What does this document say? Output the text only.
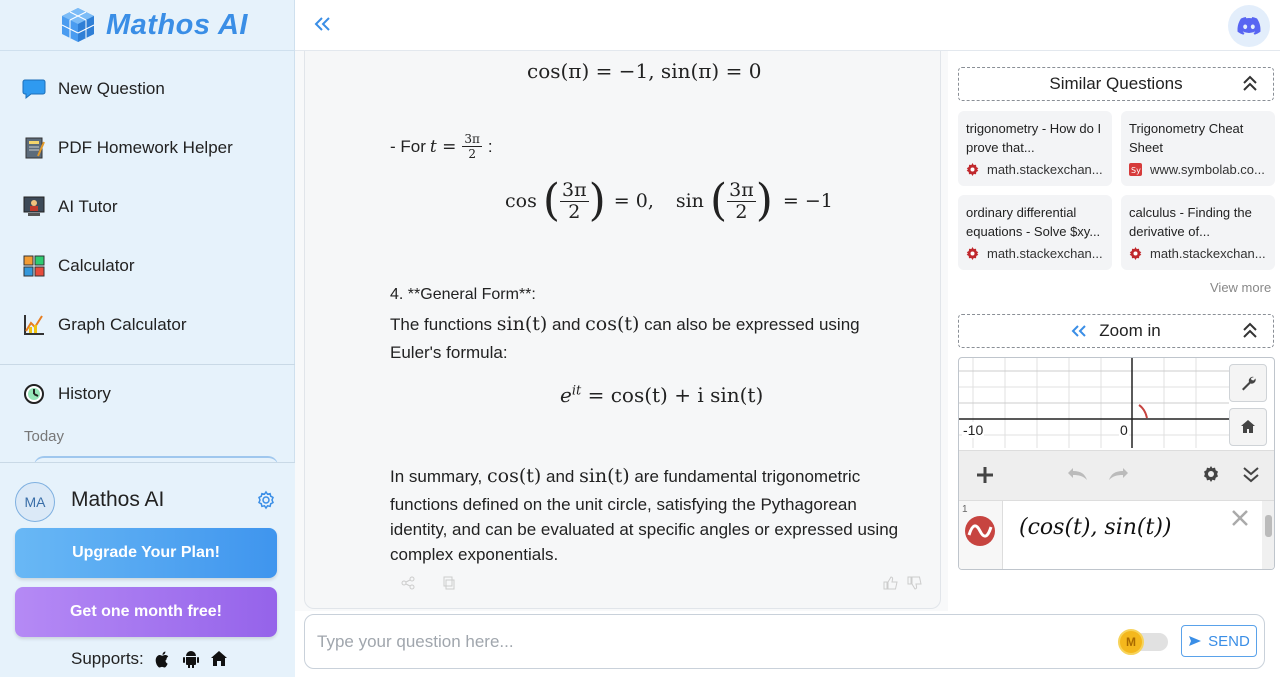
Mathos AI
New Question
PDF Homework Helper
AI Tutor
Calculator
Graph Calculator
History
Today
MA	Mathos AI
Upgrade Your Plan!
Get one month free!
Supports:
cos(π) = −1, sin(π) = 0
- For $t = \frac{3\pi}{2}$ :
cos ( $\frac{3\pi}{2}$ ) = 0, sin ( $\frac{3\pi}{2}$ ) = −1
4. **General Form**:
The functions sin(t) and cos(t) can also be expressed using
Euler's formula:
$e^{it} = \cos(t) + i$ sin(t)
In summary, cos(t) and sin(t) are fundamental trigonometric
functions defined on the unit circle, satisfying the Pythagorean
identity, and can be evaluated at specific angles or expressed using
complex exponentials.
Type your question here...
M	SEND
Similar Questions
trigonometry - How do I prove that...
math.stackexchan...
Trigonometry Cheat Sheet
Sy www.symbolab.co...
ordinary differential equations - Solve $xy...
math.stackexchan...
calculus - Finding the derivative of...
math.stackexchan...
View more
Zoom in
-10	0
1
(cos(t), sin(t))
